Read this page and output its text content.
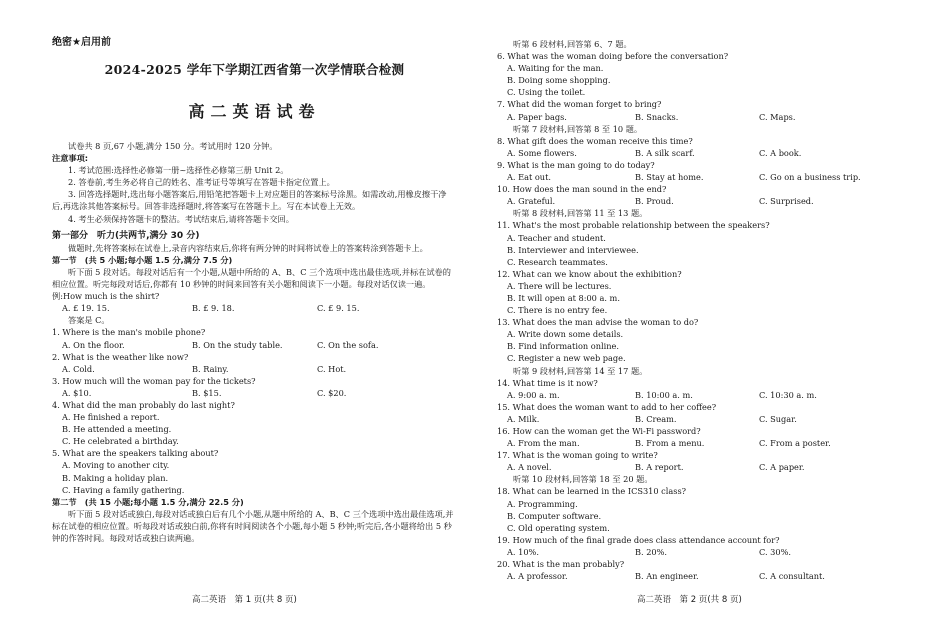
绝密★启用前
2024-2025 学年下学期江西省第一次学情联合检测
高二英语试卷
试卷共 8 页,67 小题,满分 150 分。考试用时 120 分钟。
注意事项:
1. 考试范围:选择性必修第一册~选择性必修第三册 Unit 2。
2. 答卷前,考生务必将自己的姓名、准考证号等填写在答题卡指定位置上。
3. 回答选择题时,选出每小题答案后,用铅笔把答题卡上对应题目的答案标号涂黑。如需改动,用橡皮擦干净后,再选涂其他答案标号。回答非选择题时,将答案写在答题卡上。写在本试卷上无效。
4. 考生必须保持答题卡的整洁。考试结束后,请将答题卡交回。
第一部分　听力(共两节,满分 30 分)
做题时,先将答案标在试卷上,录音内容结束后,你将有两分钟的时间将试卷上的答案转涂到答题卡上。
第一节　(共 5 小题;每小题 1.5 分,满分 7.5 分)
听下面 5 段对话。每段对话后有一个小题,从题中所给的 A、B、C 三个选项中选出最佳选项,并标在试卷的相应位置。听完每段对话后,你都有 10 秒钟的时间来回答有关小题和阅读下一小题。每段对话仅读一遍。
例:How much is the shirt?
A. £ 19. 15.	B. £ 9. 18.	C. £ 9. 15.
答案是 C。
1. Where is the man's mobile phone?
A. On the floor.	B. On the study table.	C. On the sofa.
2. What is the weather like now?
A. Cold.	B. Rainy.	C. Hot.
3. How much will the woman pay for the tickets?
A. $10.	B. $15.	C. $20.
4. What did the man probably do last night?
A. He finished a report.
B. He attended a meeting.
C. He celebrated a birthday.
5. What are the speakers talking about?
A. Moving to another city.
B. Making a holiday plan.
C. Having a family gathering.
第二节　(共 15 小题;每小题 1.5 分,满分 22.5 分)
听下面 5 段对话或独白,每段对话或独白后有几个小题,从题中所给的 A、B、C 三个选项中选出最佳选项,并标在试卷的相应位置。听每段对话或独白前,你将有时间阅读各个小题,每小题 5 秒钟;听完后,各小题将给出 5 秒钟的作答时间。每段对话或独白读两遍。
高二英语　第 1 页(共 8 页)
听第 6 段材料,回答第 6、7 题。
6. What was the woman doing before the conversation?
A. Waiting for the man.
B. Doing some shopping.
C. Using the toilet.
7. What did the woman forget to bring?
A. Paper bags.	B. Snacks.	C. Maps.
听第 7 段材料,回答第 8 至 10 题。
8. What gift does the woman receive this time?
A. Some flowers.	B. A silk scarf.	C. A book.
9. What is the man going to do today?
A. Eat out.	B. Stay at home.	C. Go on a business trip.
10. How does the man sound in the end?
A. Grateful.	B. Proud.	C. Surprised.
听第 8 段材料,回答第 11 至 13 题。
11. What's the most probable relationship between the speakers?
A. Teacher and student.
B. Interviewer and interviewee.
C. Research teammates.
12. What can we know about the exhibition?
A. There will be lectures.
B. It will open at 8:00 a. m.
C. There is no entry fee.
13. What does the man advise the woman to do?
A. Write down some details.
B. Find information online.
C. Register a new web page.
听第 9 段材料,回答第 14 至 17 题。
14. What time is it now?
A. 9:00 a. m.	B. 10:00 a. m.	C. 10:30 a. m.
15. What does the woman want to add to her coffee?
A. Milk.	B. Cream.	C. Sugar.
16. How can the woman get the Wi-Fi password?
A. From the man.	B. From a menu.	C. From a poster.
17. What is the woman going to write?
A. A novel.	B. A report.	C. A paper.
听第 10 段材料,回答第 18 至 20 题。
18. What can be learned in the ICS310 class?
A. Programming.
B. Computer software.
C. Old operating system.
19. How much of the final grade does class attendance account for?
A. 10%.	B. 20%.	C. 30%.
20. What is the man probably?
A. A professor.	B. An engineer.	C. A consultant.
高二英语　第 2 页(共 8 页)
